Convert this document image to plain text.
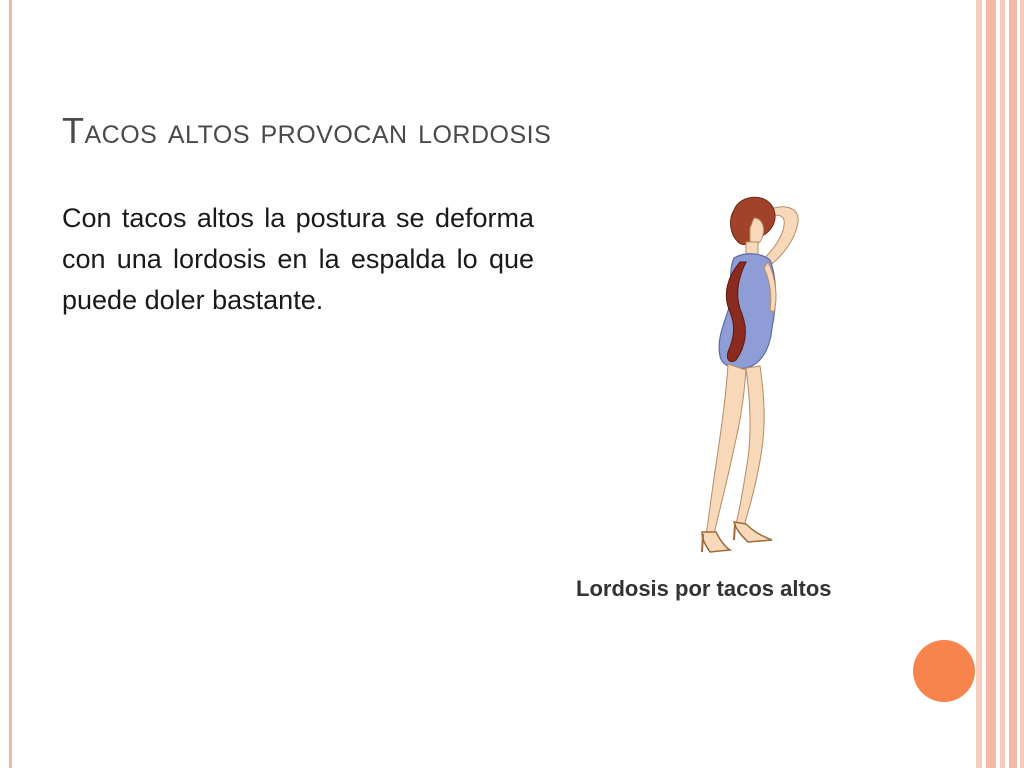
Tacos altos provocan lordosis
Con tacos altos la postura se deforma con una lordosis en la espalda lo que puede doler bastante.
Lordosis por tacos altos
